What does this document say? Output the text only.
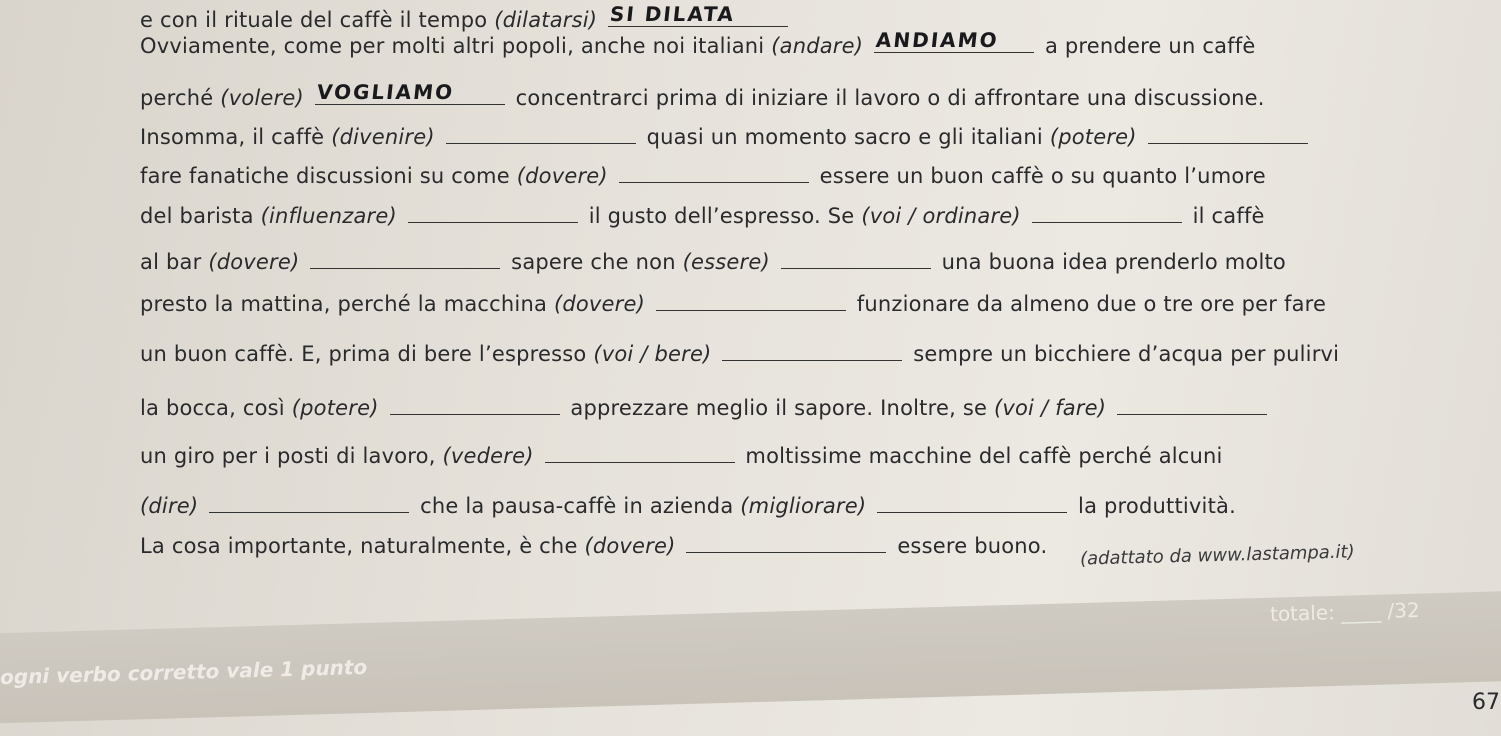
e con il rituale del caffè il tempo (dilatarsi) SI DILATA
Ovviamente, come per molti altri popoli, anche noi italiani (andare) ANDIAMO a prendere un caffè
perché (volere) VOGLIAMO	concentrarci prima di iniziare il lavoro o di affrontare una discussione.
Insomma, il caffè (divenire)	quasi un momento sacro e gli italiani (potere)
fare fanatiche discussioni su come (dovere)	essere un buon caffè o su quanto l’umore
del barista (influenzare)	il gusto dell’espresso. Se (voi / ordinare)	il caffè
al bar (dovere)	sapere che non (essere)	una buona idea prenderlo molto
presto la mattina, perché la macchina (dovere)	funzionare da almeno due o tre ore per fare
un buon caffè. E, prima di bere l’espresso (voi / bere)	sempre un bicchiere d’acqua per pulirvi
la bocca, così (potere)	apprezzare meglio il sapore. Inoltre, se (voi / fare)
un giro per i posti di lavoro, (vedere)	moltissime macchine del caffè perché alcuni
(dire)	che la pausa-caffè in azienda (migliorare)	la produttività.
La cosa importante, naturalmente, è che (dovere)	essere buono. (adattato da www.lastampa.it)
totale: ____ /32
ogni verbo corretto vale 1 punto
67
